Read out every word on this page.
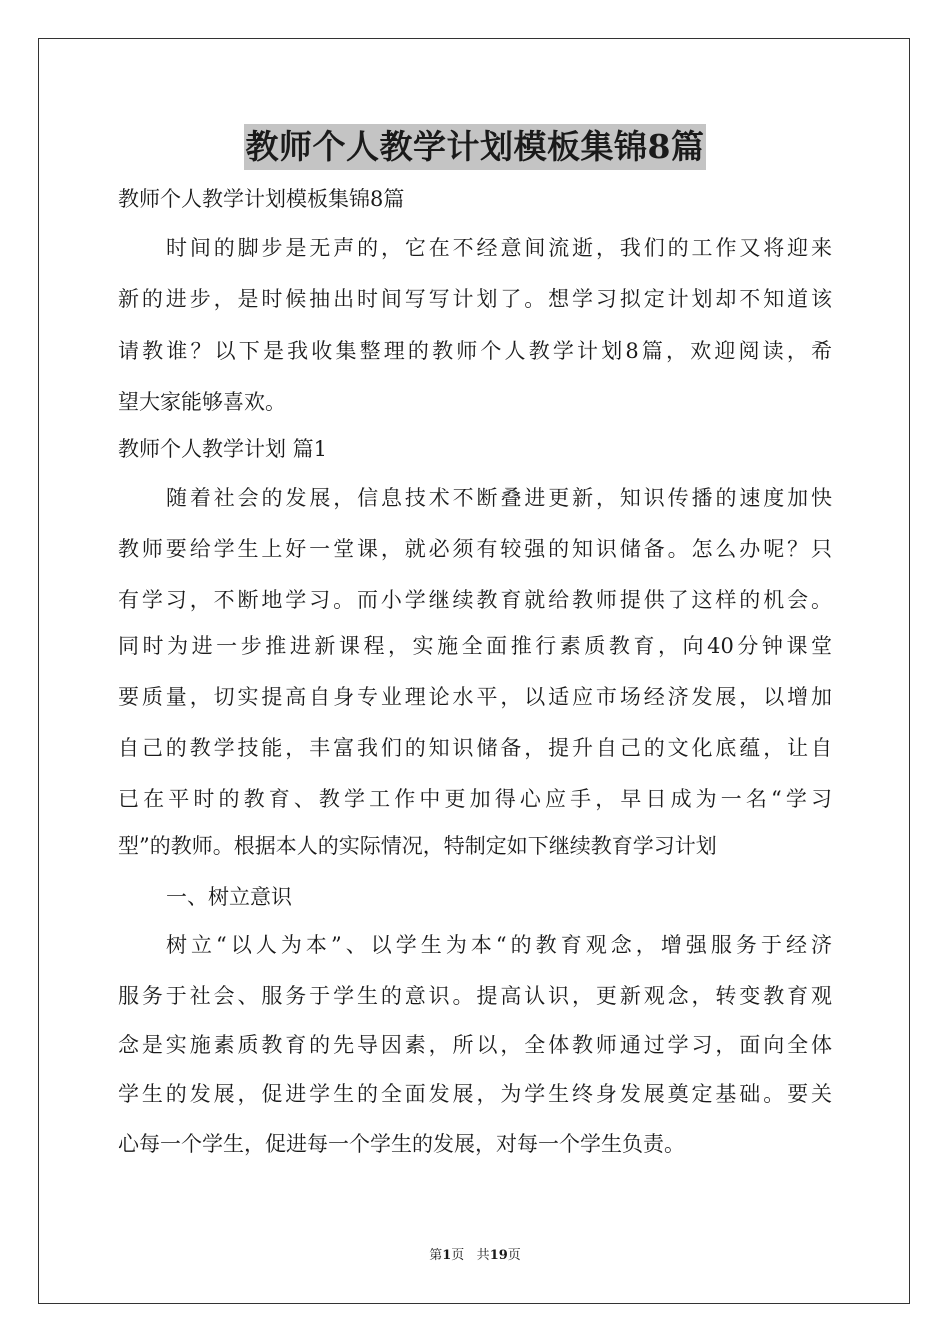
教师个人教学计划模板集锦8篇
教师个人教学计划模板集锦8篇
时间的脚步是无声的，它在不经意间流逝，我们的工作又将迎来
新的进步，是时候抽出时间写写计划了。想学习拟定计划却不知道该
请教谁？以下是我收集整理的教师个人教学计划8篇，欢迎阅读，希
望大家能够喜欢。
教师个人教学计划 篇1
随着社会的发展，信息技术不断叠进更新，知识传播的速度加快
教师要给学生上好一堂课，就必须有较强的知识储备。怎么办呢？只
有学习，不断地学习。而小学继续教育就给教师提供了这样的机会。
同时为进一步推进新课程，实施全面推行素质教育，向40分钟课堂
要质量，切实提高自身专业理论水平，以适应市场经济发展，以增加
自己的教学技能，丰富我们的知识储备，提升自己的文化底蕴，让自
已在平时的教育、教学工作中更加得心应手，早日成为一名“学习
型”的教师。根据本人的实际情况，特制定如下继续教育学习计划
一、树立意识
树立“以人为本”、以学生为本“的教育观念，增强服务于经济
服务于社会、服务于学生的意识。提高认识，更新观念，转变教育观
念是实施素质教育的先导因素，所以，全体教师通过学习，面向全体
学生的发展，促进学生的全面发展，为学生终身发展奠定基础。要关
心每一个学生，促进每一个学生的发展，对每一个学生负责。
第1页 共19页
